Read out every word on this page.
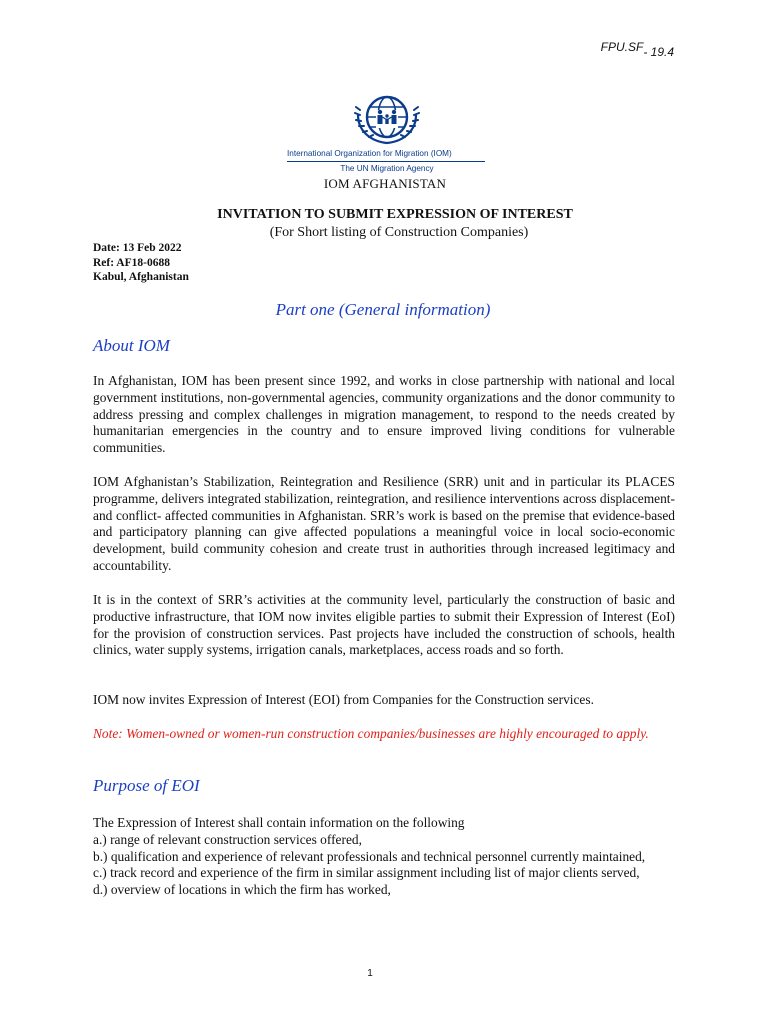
FPU.SF- 19.4
International Organization for Migration (IOM)
The UN Migration Agency
IOM AFGHANISTAN
INVITATION TO SUBMIT EXPRESSION OF INTEREST
(For Short listing of Construction Companies)
Date: 13 Feb 2022
Ref: AF18-0688
Kabul, Afghanistan
Part one (General information)
About IOM

In Afghanistan, IOM has been present since 1992, and works in close partnership with national and local government institutions, non-governmental agencies, community organizations and the donor community to address pressing and complex challenges in migration management, to respond to the needs created by humanitarian emergencies in the country and to ensure improved living conditions for vulnerable communities.

IOM Afghanistan’s Stabilization, Reintegration and Resilience (SRR) unit and in particular its PLACES programme, delivers integrated stabilization, reintegration, and resilience interventions across displacement- and conflict- affected communities in Afghanistan. SRR’s work is based on the premise that evidence-based and participatory planning can give affected populations a meaningful voice in local socio-economic development, build community cohesion and create trust in authorities through increased legitimacy and accountability.

It is in the context of SRR’s activities at the community level, particularly the construction of basic and productive infrastructure, that IOM now invites eligible parties to submit their Expression of Interest (EoI) for the provision of construction services. Past projects have included the construction of schools, health clinics, water supply systems, irrigation canals, marketplaces, access roads and so forth.

IOM now invites Expression of Interest (EOI) from Companies for the Construction services.

Note: Women-owned or women-run construction companies/businesses are highly encouraged to apply.

Purpose of EOI
The Expression of Interest shall contain information on the following
a.) range of relevant construction services offered,
b.) qualification and experience of relevant professionals and technical personnel currently maintained,
c.) track record and experience of the firm in similar assignment including list of major clients served,
d.) overview of locations in which the firm has worked,
1
